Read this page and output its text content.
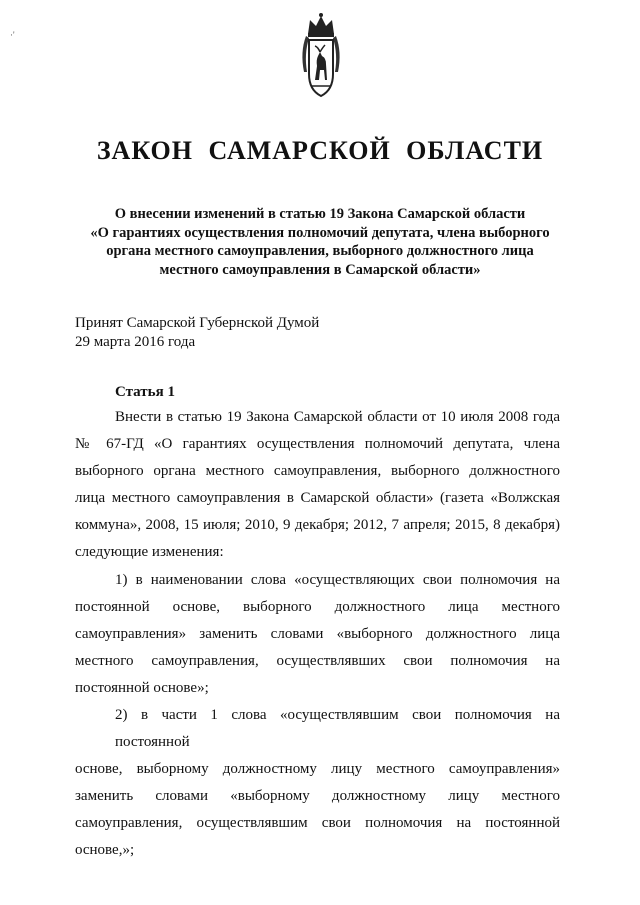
·'
ЗАКОН САМАРСКОЙ ОБЛАСТИ
О внесении изменений в статью 19 Закона Самарской области
«О гарантиях осуществления полномочий депутата, члена выборного
органа местного самоуправления, выборного должностного лица
местного самоуправления в Самарской области»
Принят Самарской Губернской Думой
29 марта 2016 года
Статья 1
Внести в статью 19 Закона Самарской области от 10 июля 2008 года
№ 67-ГД «О гарантиях осуществления полномочий депутата, члена
выборного органа местного самоуправления, выборного должностного
лица местного самоуправления в Самарской области» (газета «Волжская
коммуна», 2008, 15 июля; 2010, 9 декабря; 2012, 7 апреля; 2015, 8 декабря)
следующие изменения:
1) в наименовании слова «осуществляющих свои полномочия на
постоянной основе, выборного должностного лица местного
самоуправления» заменить словами «выборного должностного лица
местного самоуправления, осуществлявших свои полномочия на
постоянной основе»;
2) в части 1 слова «осуществлявшим свои полномочия на постоянной
основе, выборному должностному лицу местного самоуправления»
заменить словами «выборному должностному лицу местного
самоуправления, осуществлявшим свои полномочия на постоянной
основе,»;
